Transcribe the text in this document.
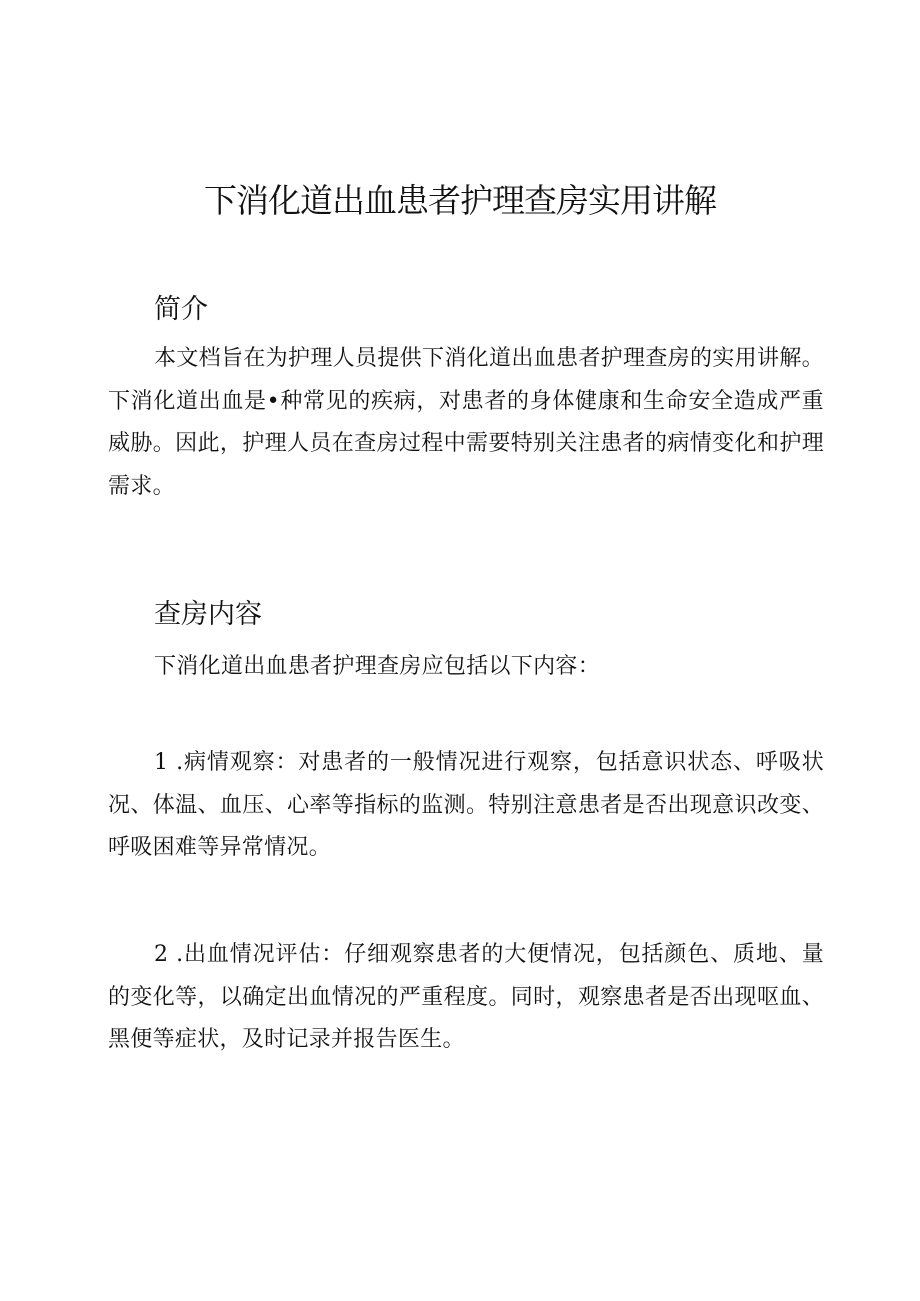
下消化道出血患者护理查房实用讲解
简介

本文档旨在为护理人员提供下消化道出血患者护理查房的实用讲解。下消化道出血是•种常见的疾病，对患者的身体健康和生命安全造成严重威胁。因此，护理人员在查房过程中需要特别关注患者的病情变化和护理需求。

查房内容

下消化道出血患者护理查房应包括以下内容：

1 .病情观察：对患者的一般情况进行观察，包括意识状态、呼吸状况、体温、血压、心率等指标的监测。特别注意患者是否出现意识改变、呼吸困难等异常情况。

2 .出血情况评估：仔细观察患者的大便情况，包括颜色、质地、量的变化等，以确定出血情况的严重程度。同时，观察患者是否出现呕血、黑便等症状，及时记录并报告医生。
